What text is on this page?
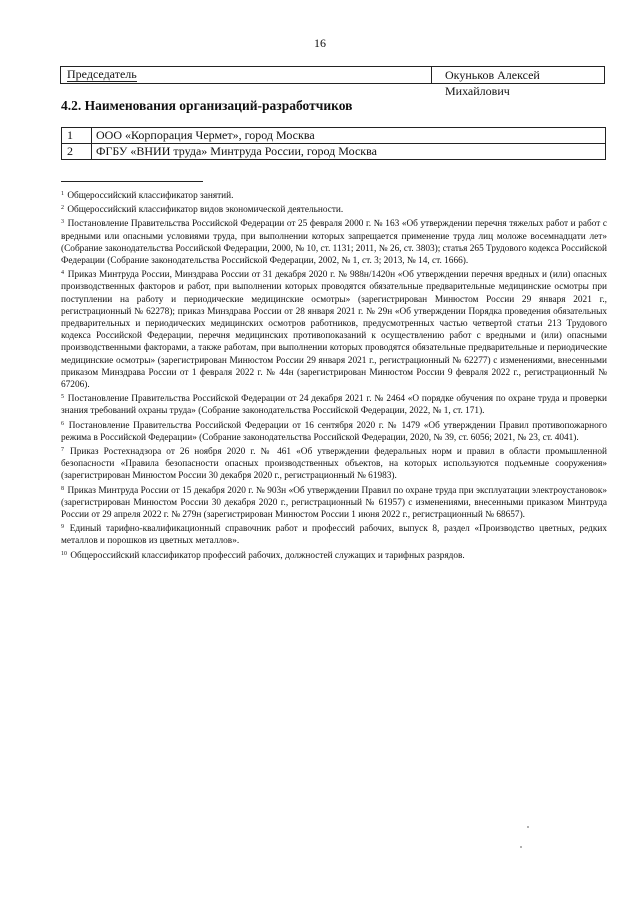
16
Председатель	Окуньков Алексей Михайлович
4.2. Наименования организаций-разработчиков
1	ООО «Корпорация Чермет», город Москва
2	ФГБУ «ВНИИ труда» Минтруда России, город Москва

$^1$ Общероссийский классификатор занятий.

$^2$ Общероссийский классификатор видов экономической деятельности.

$^3$ Постановление Правительства Российской Федерации от 25 февраля 2000 г. № 163 «Об утверждении перечня тяжелых работ и работ с вредными или опасными условиями труда, при выполнении которых запрещается применение труда лиц моложе восемнадцати лет» (Собрание законодательства Российской Федерации, 2000, № 10, ст. 1131; 2011, № 26, ст. 3803); статья 265 Трудового кодекса Российской Федерации (Собрание законодательства Российской Федерации, 2002, № 1, ст. 3; 2013, № 14, ст. 1666).

$^4$ Приказ Минтруда России, Минздрава России от 31 декабря 2020 г. № 988н/1420н «Об утверждении перечня вредных и (или) опасных производственных факторов и работ, при выполнении которых проводятся обязательные предварительные медицинские осмотры при поступлении на работу и периодические медицинские осмотры» (зарегистрирован Минюстом России 29 января 2021 г., регистрационный № 62278); приказ Минздрава России от 28 января 2021 г. № 29н «Об утверждении Порядка проведения обязательных предварительных и периодических медицинских осмотров работников, предусмотренных частью четвертой статьи 213 Трудового кодекса Российской Федерации, перечня медицинских противопоказаний к осуществлению работ с вредными и (или) опасными производственными факторами, а также работам, при выполнении которых проводятся обязательные предварительные и периодические медицинские осмотры» (зарегистрирован Минюстом России 29 января 2021 г., регистрационный № 62277) с изменениями, внесенными приказом Минздрава России от 1 февраля 2022 г. № 44н (зарегистрирован Минюстом России 9 февраля 2022 г., регистрационный № 67206).

$^5$ Постановление Правительства Российской Федерации от 24 декабря 2021 г. № 2464 «О порядке обучения по охране труда и проверки знания требований охраны труда» (Собрание законодательства Российской Федерации, 2022, № 1, ст. 171).

$^6$ Постановление Правительства Российской Федерации от 16 сентября 2020 г. № 1479 «Об утверждении Правил противопожарного режима в Российской Федерации» (Собрание законодательства Российской Федерации, 2020, № 39, ст. 6056; 2021, № 23, ст. 4041).

$^7$ Приказ Ростехнадзора от 26 ноября 2020 г. № 461 «Об утверждении федеральных норм и правил в области промышленной безопасности «Правила безопасности опасных производственных объектов, на которых используются подъемные сооружения» (зарегистрирован Минюстом России 30 декабря 2020 г., регистрационный № 61983).

$^8$ Приказ Минтруда России от 15 декабря 2020 г. № 903н «Об утверждении Правил по охране труда при эксплуатации электроустановок» (зарегистрирован Минюстом России 30 декабря 2020 г., регистрационный № 61957) с изменениями, внесенными приказом Минтруда России от 29 апреля 2022 г. № 279н (зарегистрирован Минюстом России 1 июня 2022 г., регистрационный № 68657).

$^9$ Единый тарифно-квалификационный справочник работ и профессий рабочих, выпуск 8, раздел «Производство цветных, редких металлов и порошков из цветных металлов».

$^{10}$ Общероссийский классификатор профессий рабочих, должностей служащих и тарифных разрядов.
